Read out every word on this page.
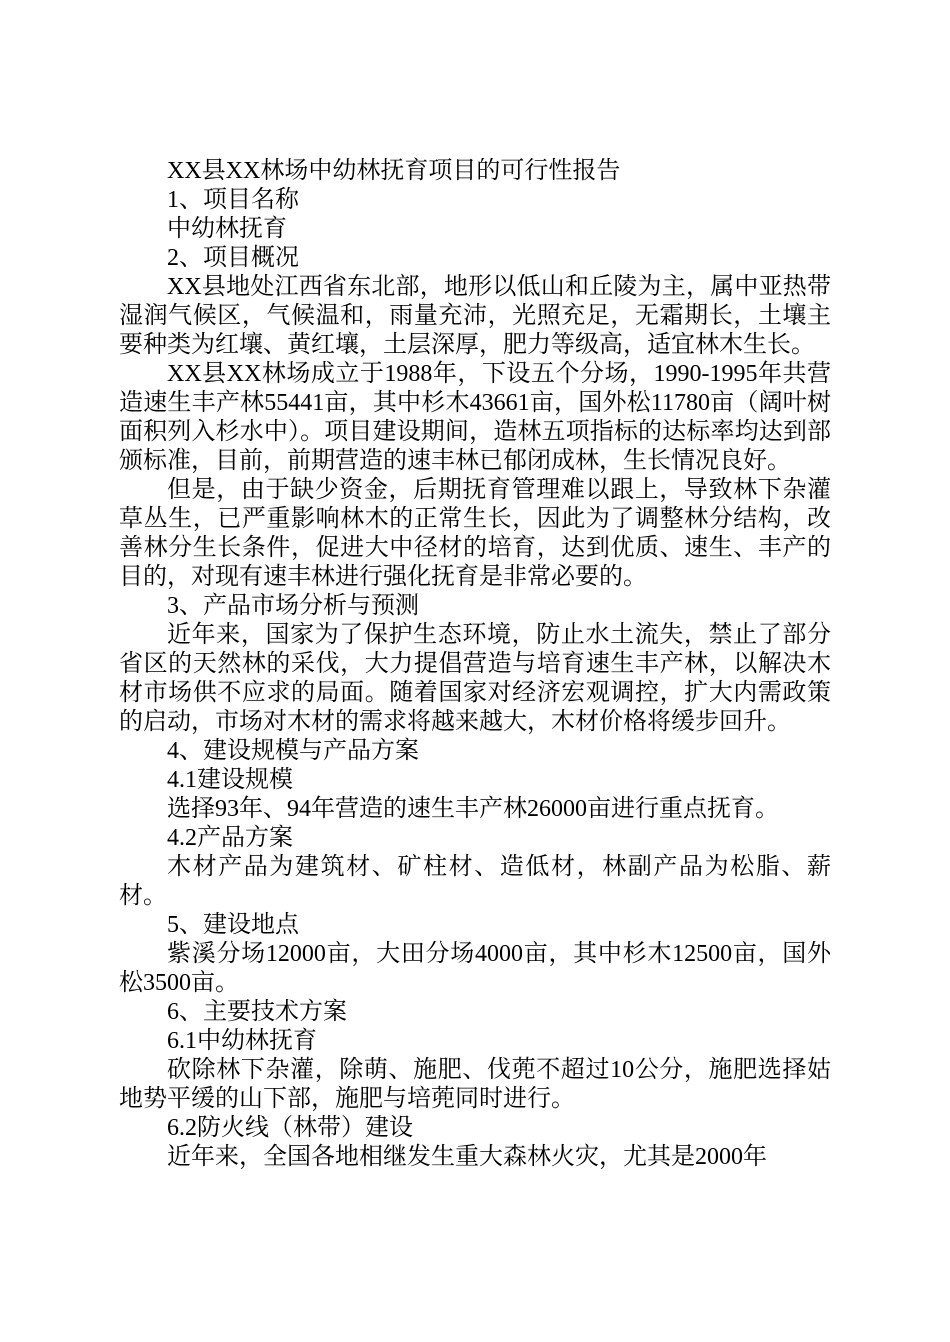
XX县XX林场中幼林抚育项目的可行性报告

1、项目名称

中幼林抚育

2、项目概况

XX县地处江西省东北部，地形以低山和丘陵为主，属中亚热带湿润气候区，气候温和，雨量充沛，光照充足，无霜期长，土壤主要种类为红壤、黄红壤，土层深厚，肥力等级高，适宜林木生长。

XX县XX林场成立于1988年，下设五个分场，1990-1995年共营造速生丰产林55441亩，其中杉木43661亩，国外松11780亩（阔叶树面积列入杉水中）。项目建设期间，造林五项指标的达标率均达到部颁标准，目前，前期营造的速丰林已郁闭成林，生长情况良好。

但是，由于缺少资金，后期抚育管理难以跟上，导致林下杂灌草丛生，已严重影响林木的正常生长，因此为了调整林分结构，改善林分生长条件，促进大中径材的培育，达到优质、速生、丰产的目的，对现有速丰林进行强化抚育是非常必要的。

3、产品市场分析与预测

近年来，国家为了保护生态环境，防止水土流失，禁止了部分省区的天然林的采伐，大力提倡营造与培育速生丰产林，以解决木材市场供不应求的局面。随着国家对经济宏观调控，扩大内需政策的启动，市场对木材的需求将越来越大，木材价格将缓步回升。

4、建设规模与产品方案

4.1建设规模

选择93年、94年营造的速生丰产林26000亩进行重点抚育。

4.2产品方案

木材产品为建筑材、矿柱材、造低材，林副产品为松脂、薪材。

5、建设地点

紫溪分场12000亩，大田分场4000亩，其中杉木12500亩，国外松3500亩。

6、主要技术方案

6.1中幼林抚育

砍除林下杂灌，除萌、施肥、伐蔸不超过10公分，施肥选择姑地势平缓的山下部，施肥与培蔸同时进行。

6.2防火线（林带）建设

近年来，全国各地相继发生重大森林火灾，尤其是2000年
